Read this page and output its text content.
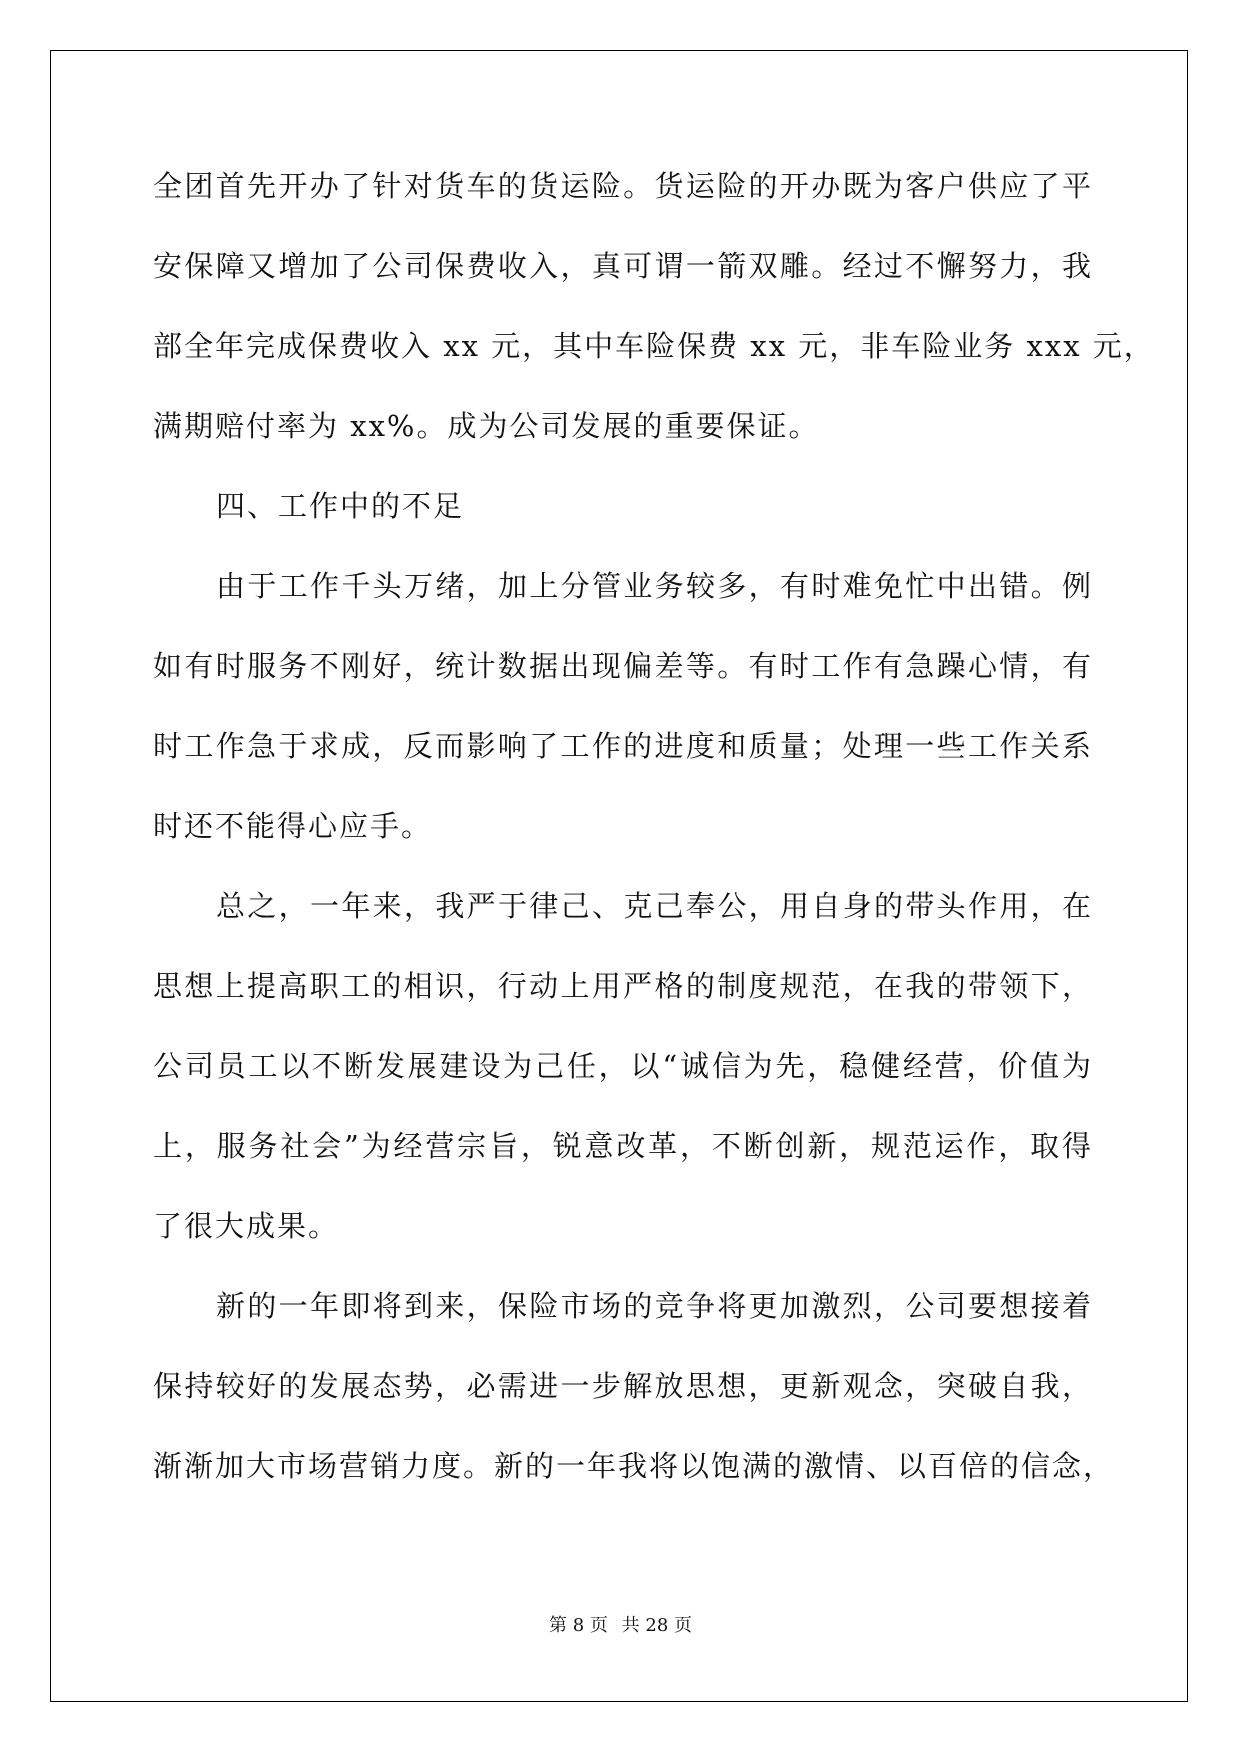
全团首先开办了针对货车的货运险。货运险的开办既为客户供应了平
安保障又增加了公司保费收入，真可谓一箭双雕。经过不懈努力，我
部全年完成保费收入 xx 元，其中车险保费 xx 元，非车险业务 xxx 元，
满期赔付率为 xx%。成为公司发展的重要保证。
四、工作中的不足
由于工作千头万绪，加上分管业务较多，有时难免忙中出错。例
如有时服务不刚好，统计数据出现偏差等。有时工作有急躁心情，有
时工作急于求成，反而影响了工作的进度和质量；处理一些工作关系
时还不能得心应手。
总之，一年来，我严于律己、克己奉公，用自身的带头作用，在
思想上提高职工的相识，行动上用严格的制度规范，在我的带领下，
公司员工以不断发展建设为己任，以“诚信为先，稳健经营，价值为
上，服务社会”为经营宗旨，锐意改革，不断创新，规范运作，取得
了很大成果。
新的一年即将到来，保险市场的竞争将更加激烈，公司要想接着
保持较好的发展态势，必需进一步解放思想，更新观念，突破自我，
渐渐加大市场营销力度。新的一年我将以饱满的激情、以百倍的信念，
第 8 页 共 28 页
